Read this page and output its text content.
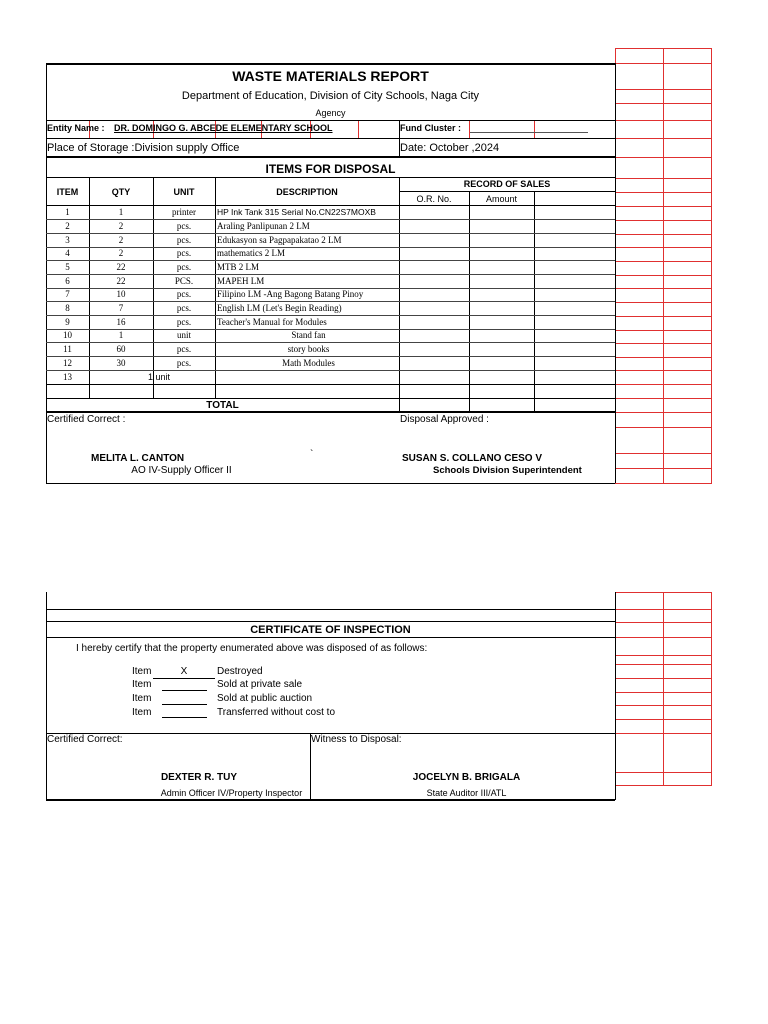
WASTE MATERIALS REPORT
Department of Education, Division of City Schools, Naga City
Agency
Entity Name : DR. DOMINGO G. ABCEDE ELEMENTARY SCHOOL	Fund Cluster :
Place of Storage :Division supply Office	Date: October ,2024
ITEMS FOR DISPOSAL
ITEM	QTY	UNIT	DESCRIPTION
RECORD OF SALES
O.R. No.	Amount
1	1	printer	HP Ink Tank 315 Serial No.CN22S7MOXB
2	2	pcs.	Araling Panlipunan 2 LM
3	2	pcs.	Edukasyon sa Pagpapakatao 2 LM
4	2	pcs.	mathematics 2 LM
5	22	pcs.	MTB 2 LM
6	22	PCS.	MAPEH LM
7	10	pcs.	Filipino LM -Ang Bagong Batang Pinoy
8	7	pcs.	English LM (Let's Begin Reading)
9	16	pcs.	Teacher's Manual for Modules
10	1	unit	Stand fan
11	60	pcs.	story books
12	30	pcs.	Math Modules
13	1 unit
TOTAL
Certified Correct :	Disposal Approved :
`
MELITA L. CANTON
AO IV-Supply Officer II
SUSAN S. COLLANO CESO V
Schools Division Superintendent
CERTIFICATE OF INSPECTION
I hereby certify that the property enumerated above was disposed of as follows:
Item	X	Destroyed
Item	Sold at private sale
Item	Sold at public auction
Item	Transferred without cost to
Certified Correct:	Witness to Disposal:
DEXTER R. TUY
Admin Officer IV/Property Inspector
JOCELYN B. BRIGALA
State Auditor III/ATL
